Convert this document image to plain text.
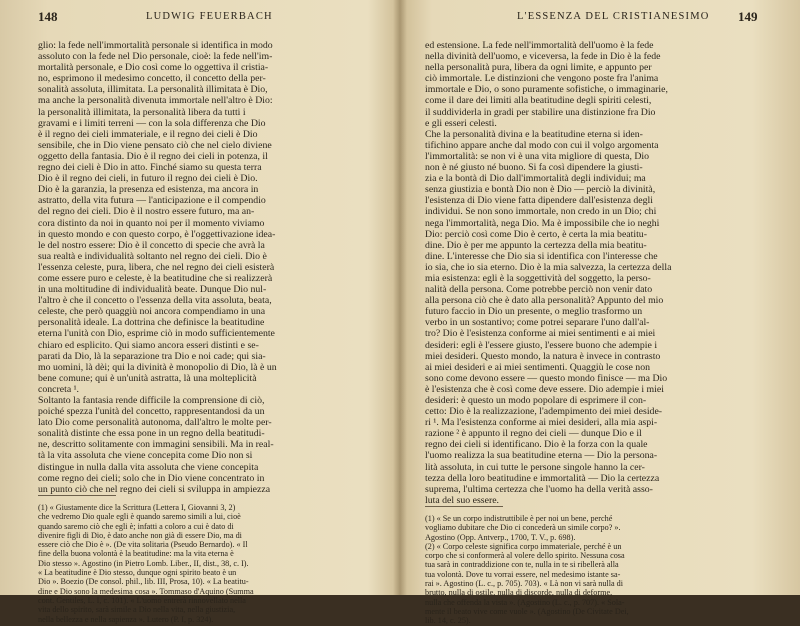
148	LUDWIG FEUERBACH
glio: la fede nell'immortalità personale si identifica in modo
assoluto con la fede nel Dio personale, cioè: la fede nell'im-
mortalità personale, e Dio così come lo oggettiva il cristia-
no, esprimono il medesimo concetto, il concetto della per-
sonalità assoluta, illimitata. La personalità illimitata è Dio,
ma anche la personalità divenuta immortale nell'altro è Dio:
la personalità illimitata, la personalità libera da tutti i
gravami e i limiti terreni — con la sola differenza che Dio
è il regno dei cieli immateriale, e il regno dei cieli è Dio
sensibile, che in Dio viene pensato ciò che nel cielo diviene
oggetto della fantasia. Dio è il regno dei cieli in potenza, il
regno dei cieli è Dio in atto. Finché siamo su questa terra
Dio è il regno dei cieli, in futuro il regno dei cieli è Dio.
Dio è la garanzia, la presenza ed esistenza, ma ancora in
astratto, della vita futura — l'anticipazione e il compendio
del regno dei cieli. Dio è il nostro essere futuro, ma an-
cora distinto da noi in quanto noi per il momento viviamo
in questo mondo e con questo corpo, è l'oggettivazione idea-
le del nostro essere: Dio è il concetto di specie che avrà la
sua realtà e individualità soltanto nel regno dei cieli. Dio è
l'essenza celeste, pura, libera, che nel regno dei cieli esisterà
come essere puro e celeste, è la beatitudine che si realizzerà
in una moltitudine di individualità beate. Dunque Dio nul-
l'altro è che il concetto o l'essenza della vita assoluta, beata,
celeste, che però quaggiù noi ancora compendiamo in una
personalità ideale. La dottrina che definisce la beatitudine
eterna l'unità con Dio, esprime ciò in modo sufficientemente
chiaro ed esplicito. Qui siamo ancora esseri distinti e se-
parati da Dio, là la separazione tra Dio e noi cade; qui sia-
mo uomini, là dèi; qui la divinità è monopolio di Dio, là è un
bene comune; qui è un'unità astratta, là una molteplicità
concreta ¹.
Soltanto la fantasia rende difficile la comprensione di ciò,
poiché spezza l'unità del concetto, rappresentandosi da un
lato Dio come personalità autonoma, dall'altro le molte per-
sonalità distinte che essa pone in un regno della beatitudi-
ne, descritto solitamente con immagini sensibili. Ma in real-
tà la vita assoluta che viene concepita come Dio non si
distingue in nulla dalla vita assoluta che viene concepita
come regno dei cieli; solo che in Dio viene concentrato in
un punto ciò che nel regno dei cieli si sviluppa in ampiezza
(1) « Giustamente dice la Scrittura (Lettera I, Giovanni 3, 2)
che vedremo Dio quale egli è quando saremo simili a lui, cioè
quando saremo ciò che egli è; infatti a coloro a cui è dato di
divenire figli di Dio, è dato anche non già di essere Dio, ma di
essere ciò che Dio è ». (De vita solitaria (Pseudo Bernardo). « Il
fine della buona volontà è la beatitudine: ma la vita eterna è
Dio stesso ». Agostino (in Pietro Lomb. Liber., II, dist., 38, c. I).
« La beatitudine è Dio stesso, dunque ogni spirito beato è un
Dio ». Boezio (De consol. phil., lib. III, Prosa, 10). « La beatitu-
dine e Dio sono la medesima cosa ». Tommaso d'Aquino (Summa
cont. Gentiles, L. I, c. 101). « L'uomo entrerà rinnovellato nella
vita dello spirito, sarà simile a Dio nella vita, nella giustizia,
nella bellezza e nella sapienza ». Lutero (P. I, p. 324).
L'ESSENZA DEL CRISTIANESIMO 149
ed estensione. La fede nell'immortalità dell'uomo è la fede
nella divinità dell'uomo, e viceversa, la fede in Dio è la fede
nella personalità pura, libera da ogni limite, e appunto per
ciò immortale. Le distinzioni che vengono poste fra l'anima
immortale e Dio, o sono puramente sofistiche, o immaginarie,
come il dare dei limiti alla beatitudine degli spiriti celesti,
il suddividerla in gradi per stabilire una distinzione fra Dio
e gli esseri celesti.
Che la personalità divina e la beatitudine eterna si iden-
tifichino appare anche dal modo con cui il volgo argomenta
l'immortalità: se non vi è una vita migliore di questa, Dio
non è né giusto né buono. Si fa così dipendere la giusti-
zia e la bontà di Dio dall'immortalità degli individui; ma
senza giustizia e bontà Dio non è Dio — perciò la divinità,
l'esistenza di Dio viene fatta dipendere dall'esistenza degli
individui. Se non sono immortale, non credo in un Dio; chi
nega l'immortalità, nega Dio. Ma è impossibile che io neghi
Dio: perciò così come Dio è certo, è certa la mia beatitu-
dine. Dio è per me appunto la certezza della mia beatitu-
dine. L'interesse che Dio sia si identifica con l'interesse che
io sia, che io sia eterno. Dio è la mia salvezza, la certezza della
mia esistenza: egli è la soggettività del soggetto, la perso-
nalità della persona. Come potrebbe perciò non venir dato
alla persona ciò che è dato alla personalità? Appunto del mio
futuro faccio in Dio un presente, o meglio trasformo un
verbo in un sostantivo; come potrei separare l'uno dall'al-
tro? Dio è l'esistenza conforme ai miei sentimenti e ai miei
desideri: egli è l'essere giusto, l'essere buono che adempie i
miei desideri. Questo mondo, la natura è invece in contrasto
ai miei desideri e ai miei sentimenti. Quaggiù le cose non
sono come devono essere — questo mondo finisce — ma Dio
è l'esistenza che è così come deve essere. Dio adempie i miei
desideri: è questo un modo popolare di esprimere il con-
cetto: Dio è la realizzazione, l'adempimento dei miei deside-
ri ¹. Ma l'esistenza conforme ai miei desideri, alla mia aspi-
razione ² è appunto il regno dei cieli — dunque Dio e il
regno dei cieli si identificano. Dio è la forza con la quale
l'uomo realizza la sua beatitudine eterna — Dio la persona-
lità assoluta, in cui tutte le persone singole hanno la cer-
tezza della loro beatitudine e immortalità — Dio la certezza
suprema, l'ultima certezza che l'uomo ha della verità asso-
luta del suo essere.
(1) « Se un corpo indistruttibile è per noi un bene, perché
vogliamo dubitare che Dio ci concederà un simile corpo? ».
Agostino (Opp. Antverp., 1700, T. V., p. 698).
(2) « Corpo celeste significa corpo immateriale, perché è un
corpo che si conformerà al volere dello spirito. Nessuna cosa
tua sarà in contraddizione con te, nulla in te si ribellerà alla
tua volontà. Dove tu vorrai essere, nel medesimo istante sa-
rai ». Agostino (L. c., p. 705). 703). « Là non vi sarà nulla di
brutto, nulla di ostile, nulla di discorde, nulla di deforme,
nulla che offenda la vista ». (Agostino (L. c., p. 707). « Sola-
mente il beato vive come vuole ». (Agostino (De Civitate Dei,
lib. 14, c. 25).
